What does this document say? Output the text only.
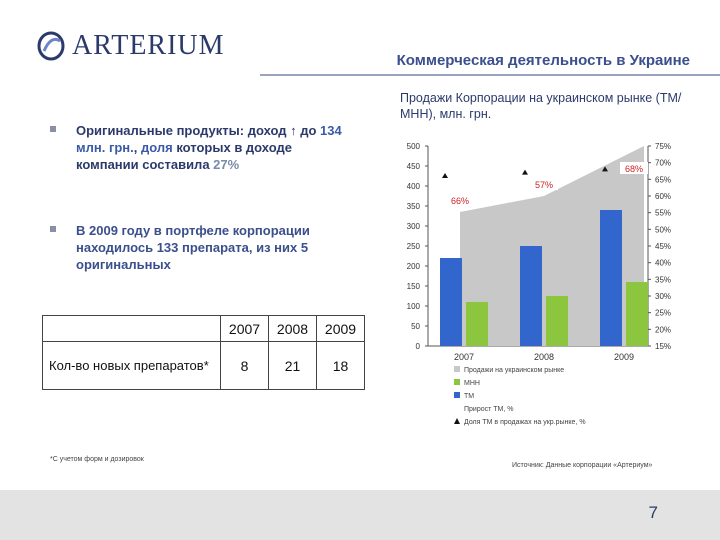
ARTERIUM	Коммерческая деятельность в Украине
Оригинальные продукты: доход ↑ до 134 млн. грн., доля которых в доходе компании составила 27%
В 2009 году в портфеле корпорации находилось 133 препарата, из них 5 оригинальных
	2007	2008	2009
Кол-во новых препаратов*	8	21	18
*С учетом форм и дозировок
Продажи Корпорации на украинском рынке (ТМ/МНН), млн. грн.
0
50
100
150
200
250
300
350
400
450
500
15%
20%
25%
30%
35%
40%
45%
50%
55%
60%
65%
70%
75%
2007	2008	2009
66%
57%
68%
Продажи на украинском рынке
МНН
ТМ
Прирост ТМ, %
Доля ТМ в продажах на укр.рынке, %
Источник: Данные корпорации «Артериум»
7
